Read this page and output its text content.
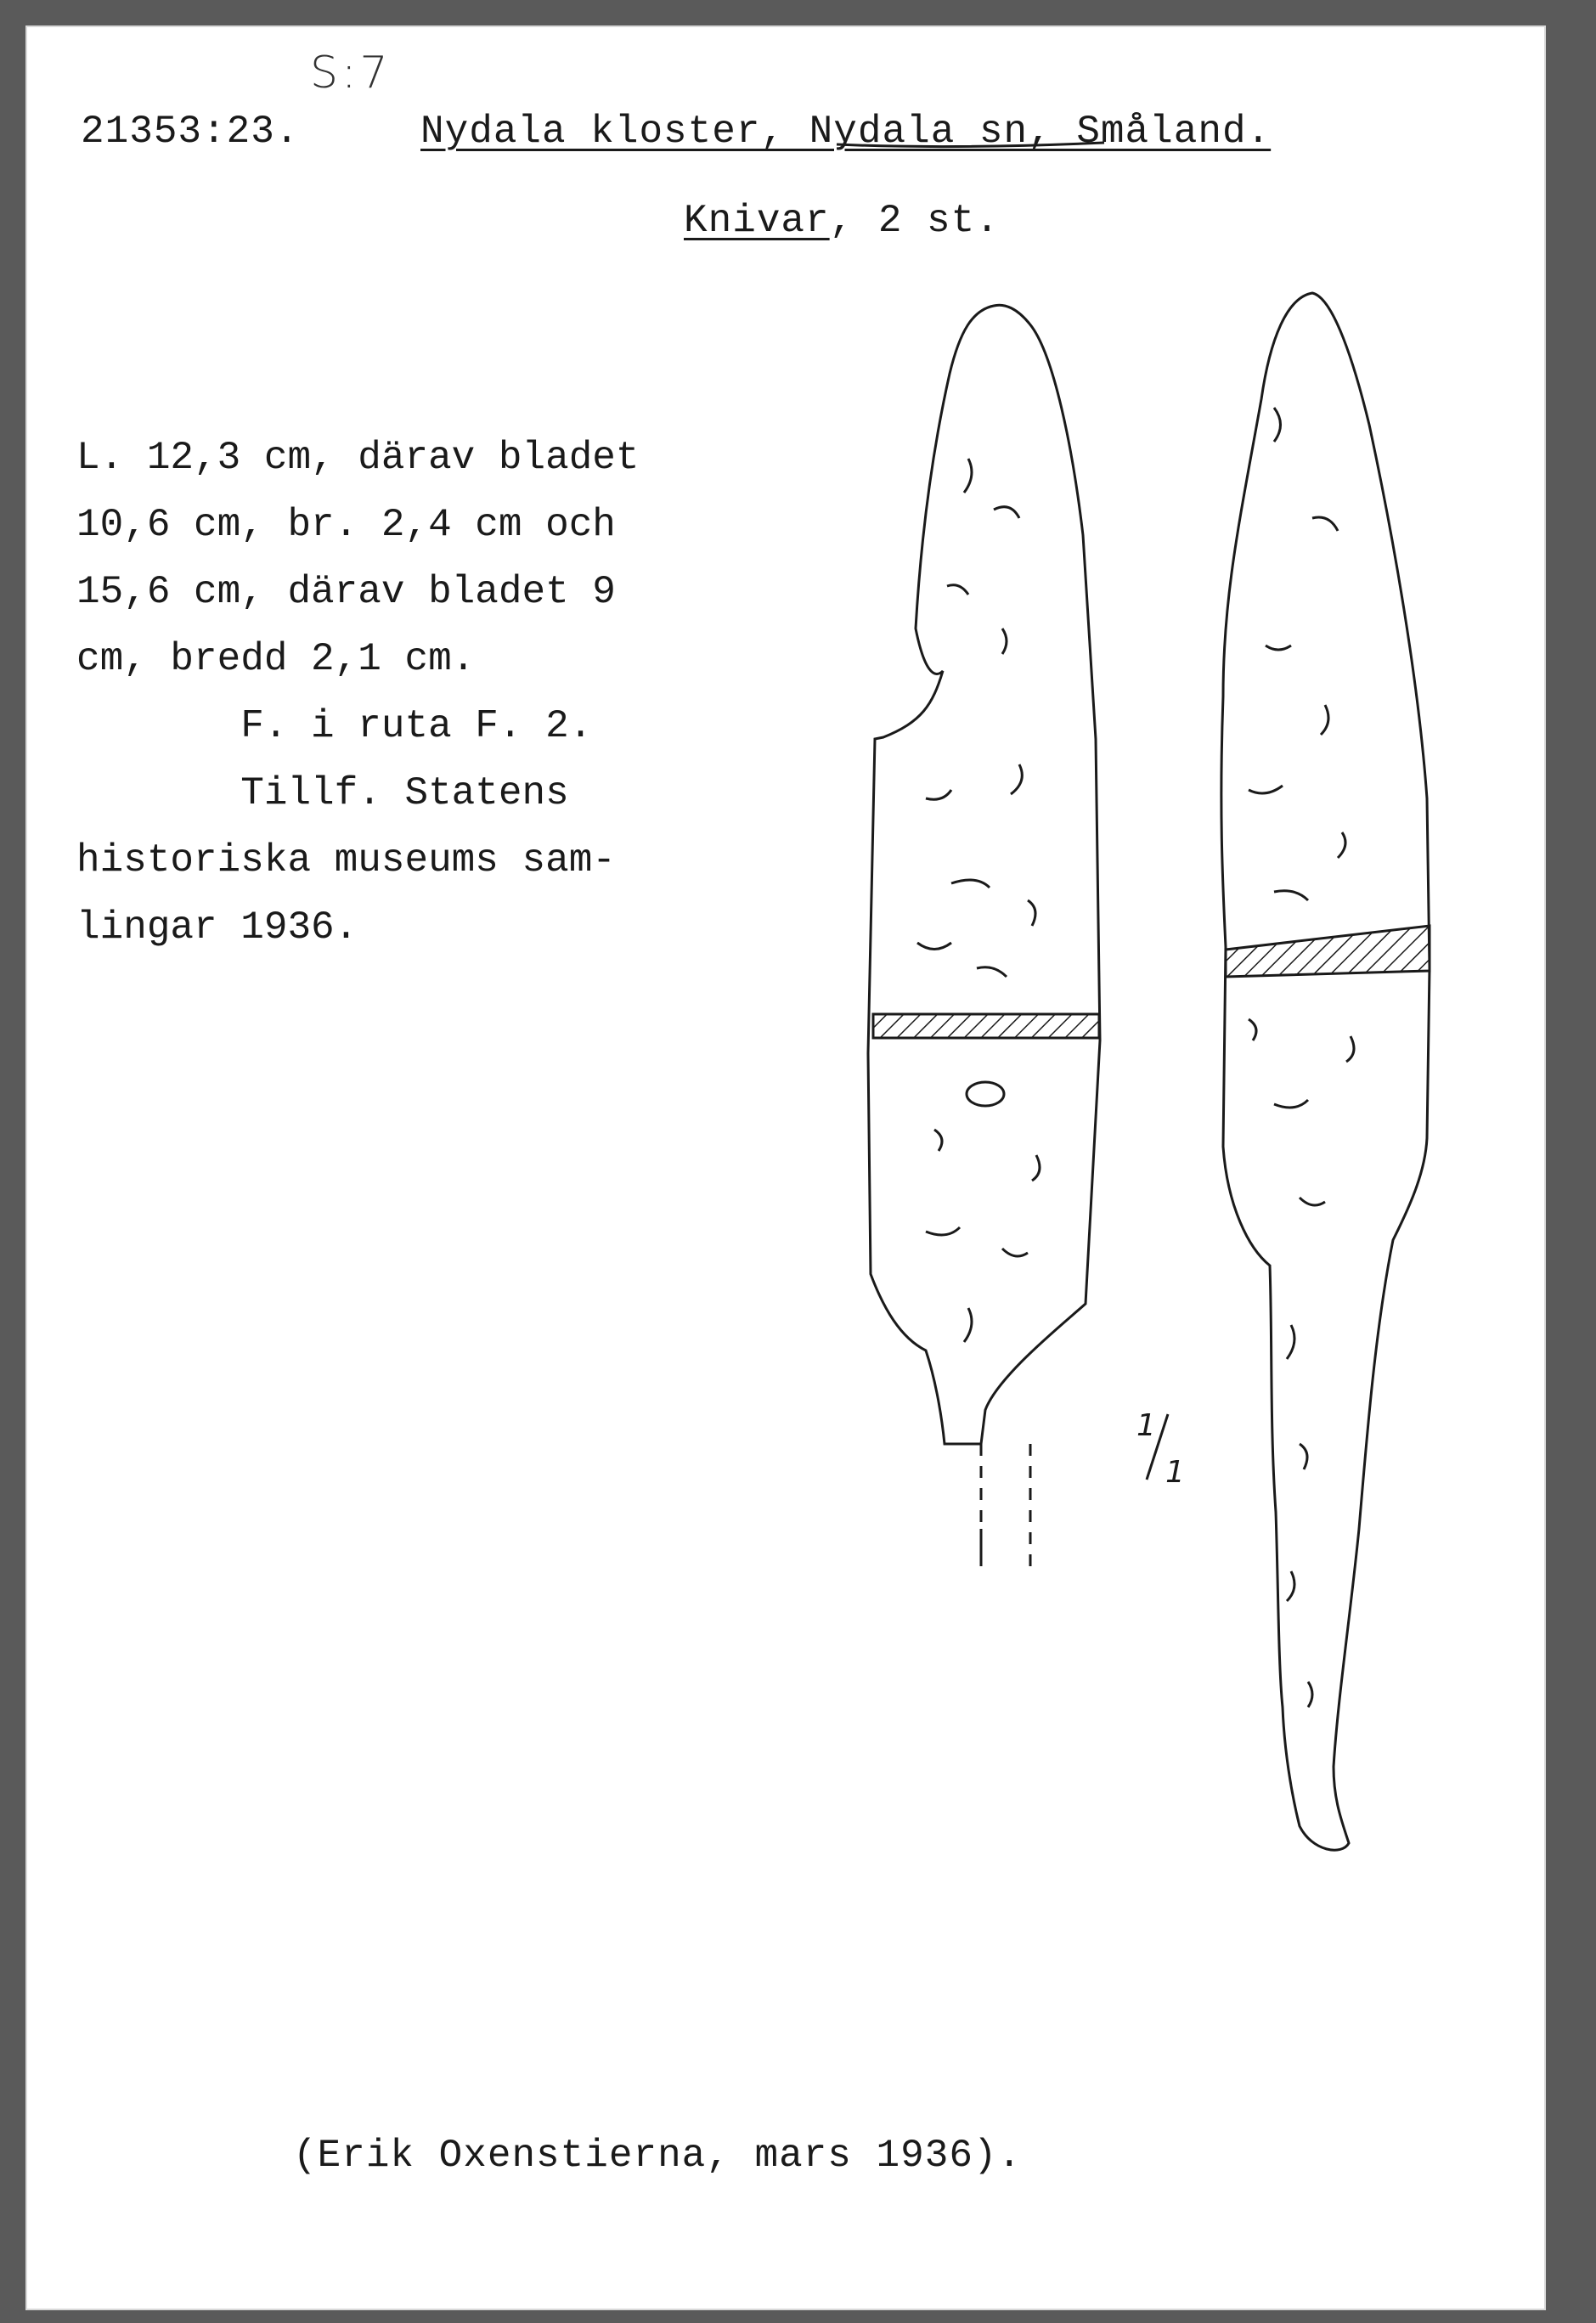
S:7
21353:23.	Nydala kloster, Nydala sn, Småland.
Knivar, 2 st.
L. 12,3 cm, därav bladet
10,6 cm, br. 2,4 cm och
15,6 cm, därav bladet 9
cm, bredd 2,1 cm.
F. i ruta F. 2.
Tillf. Statens
historiska museums sam-
lingar 1936.
(Erik Oxenstierna, mars 1936).
1
1
